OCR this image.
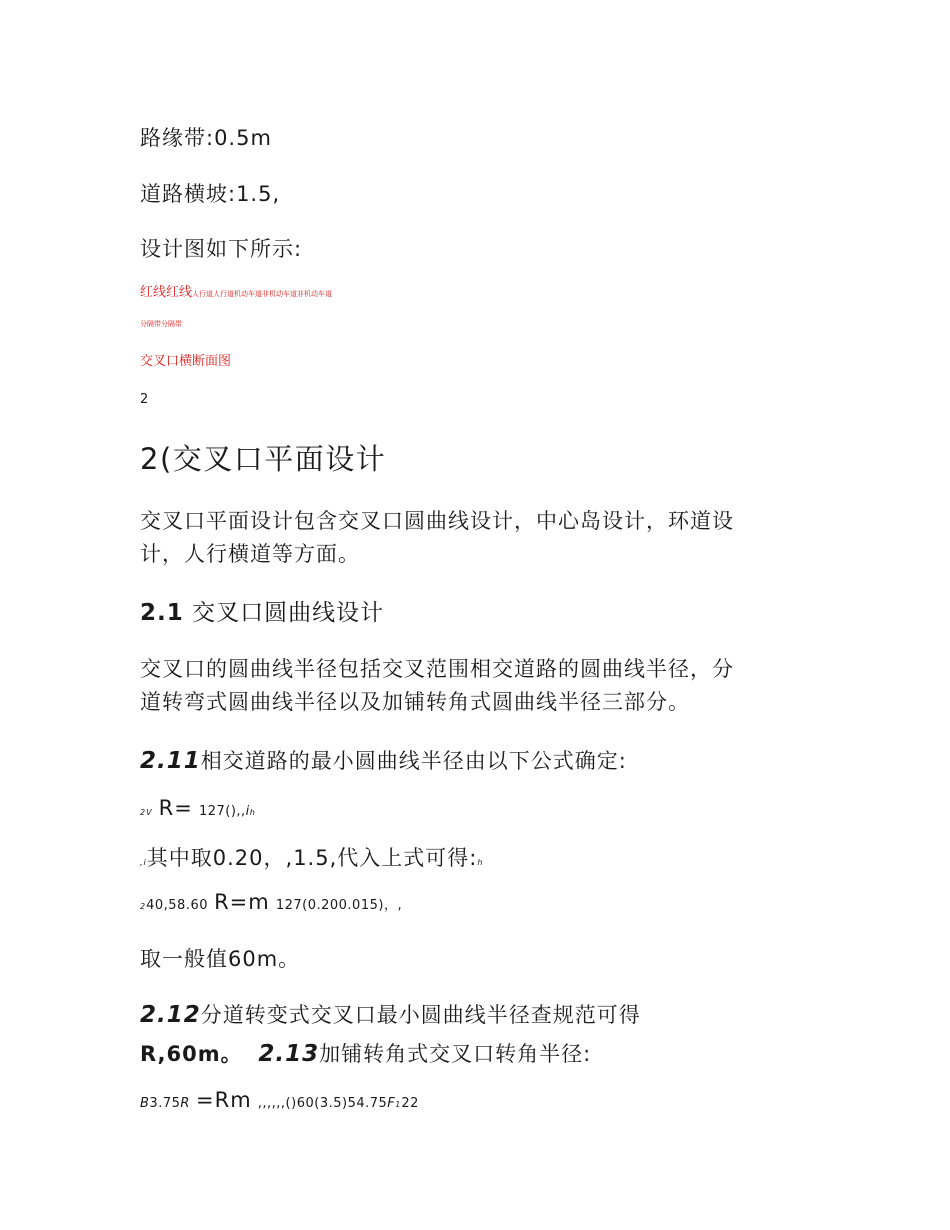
路缘带:0.5m
道路横坡:1.5,
设计图如下所示:
红线红线人行道人行道机动车道非机动车道非机动车道
分隔带分隔带
交叉口横断面图
2
2(交叉口平面设计
交叉口平面设计包含交叉口圆曲线设计，中心岛设计，环道设
计，人行横道等方面。
2.1 交叉口圆曲线设计
交叉口的圆曲线半径包括交叉范围相交道路的圆曲线半径，分
道转弯式圆曲线半径以及加铺转角式圆曲线半径三部分。
2.11相交道路的最小圆曲线半径由以下公式确定:
2V R= 127(),,ih
,i其中取0.20，,1.5,代入上式可得:h
240,58.60 R=m 127(0.200.015)，,
取一般值60m。
2.12分道转变式交叉口最小圆曲线半径查规范可得
R,60m。 2.13加铺转角式交叉口转角半径:
B3.75R =Rm ,,,,,,()60(3.5)54.75F122
